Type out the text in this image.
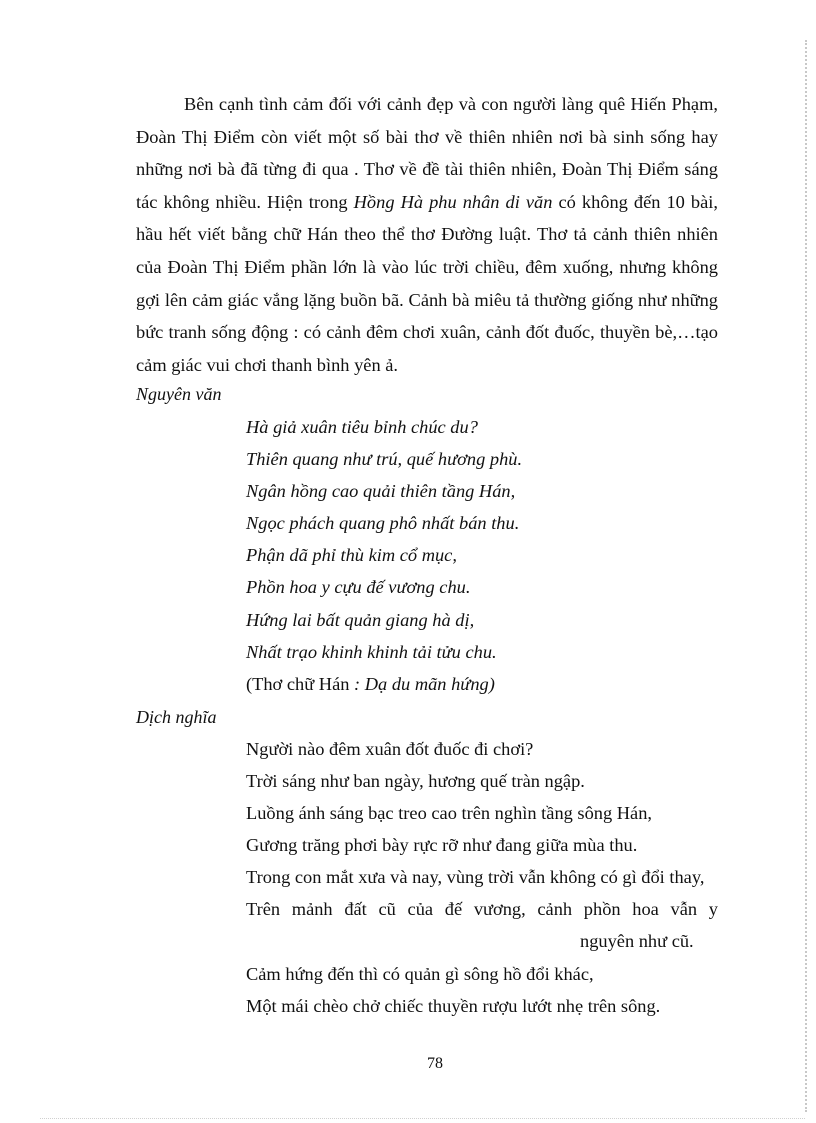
Bên cạnh tình cảm đối với cảnh đẹp và con người làng quê Hiến Phạm, Đoàn Thị Điểm còn viết một số bài thơ về thiên nhiên nơi bà sinh sống hay những nơi bà đã từng đi qua . Thơ về đề tài thiên nhiên, Đoàn Thị Điểm sáng tác không nhiều. Hiện trong Hồng Hà phu nhân di văn có không đến 10 bài, hầu hết viết bằng chữ Hán theo thể thơ Đường luật. Thơ tả cảnh thiên nhiên của Đoàn Thị Điểm phần lớn là vào lúc trời chiều, đêm xuống, nhưng không gợi lên cảm giác vắng lặng buồn bã. Cảnh bà miêu tả thường giống như những bức tranh sống động : có cảnh đêm chơi xuân, cảnh đốt đuốc, thuyền bè,…tạo cảm giác vui chơi thanh bình yên ả.

Nguyên văn

Hà giả xuân tiêu bỉnh chúc du?

Thiên quang như trú, quế hương phù.

Ngân hồng cao quải thiên tầng Hán,

Ngọc phách quang phô nhất bán thu.

Phận dã phỉ thù kim cổ mục,

Phồn hoa y cựu đế vương chu.

Hứng lai bất quản giang hà dị,

Nhất trạo khinh khinh tải tửu chu.

(Thơ chữ Hán : Dạ du mãn hứng)

Dịch nghĩa

Người nào đêm xuân đốt đuốc đi chơi?

Trời sáng như ban ngày, hương quế tràn ngập.

Luồng ánh sáng bạc treo cao trên nghìn tầng sông Hán,

Gương trăng phơi bày rực rỡ như đang giữa mùa thu.

Trong con mắt xưa và nay, vùng trời vẫn không có gì đổi thay,

Trên mảnh đất cũ của đế vương, cảnh phồn hoa vẫn y

nguyên như cũ.

Cảm hứng đến thì có quản gì sông hồ đổi khác,

Một mái chèo chở chiếc thuyền rượu lướt nhẹ trên sông.

78
